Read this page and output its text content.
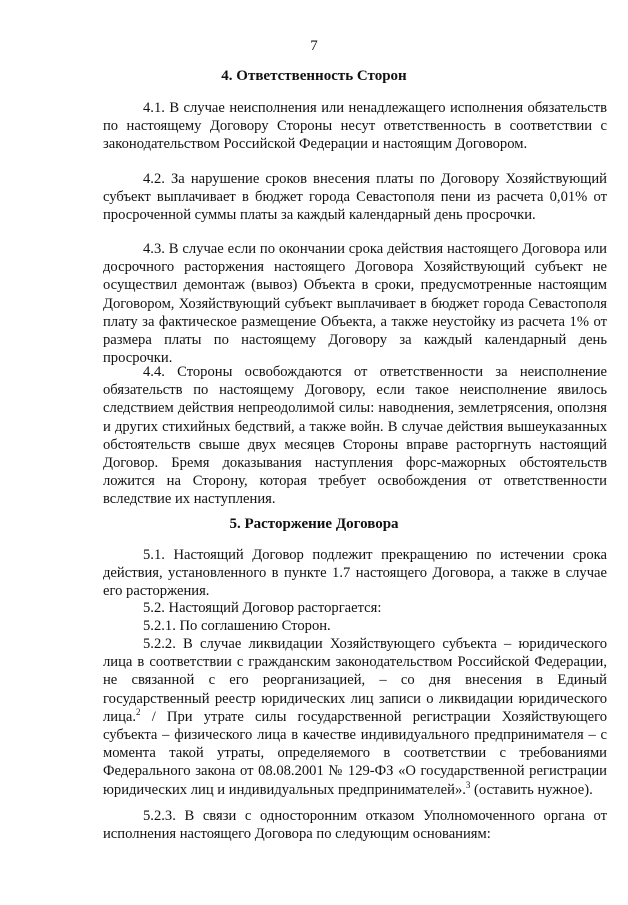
7
4. Ответственность Сторон

4.1. В случае неисполнения или ненадлежащего исполнения обязательств по настоящему Договору Стороны несут ответственность в соответствии с законодательством Российской Федерации и настоящим Договором.

4.2. За нарушение сроков внесения платы по Договору Хозяйствующий субъект выплачивает в бюджет города Севастополя пени из расчета 0,01% от просроченной суммы платы за каждый календарный день просрочки.

4.3. В случае если по окончании срока действия настоящего Договора или досрочного расторжения настоящего Договора Хозяйствующий субъект не осуществил демонтаж (вывоз) Объекта в сроки, предусмотренные настоящим Договором, Хозяйствующий субъект выплачивает в бюджет города Севастополя плату за фактическое размещение Объекта, а также неустойку из расчета 1% от размера платы по настоящему Договору за каждый календарный день просрочки.

4.4. Стороны освобождаются от ответственности за неисполнение обязательств по настоящему Договору, если такое неисполнение явилось следствием действия непреодолимой силы: наводнения, землетрясения, оползня и других стихийных бедствий, а также войн. В случае действия вышеуказанных обстоятельств свыше двух месяцев Стороны вправе расторгнуть настоящий Договор. Бремя доказывания наступления форс-мажорных обстоятельств ложится на Сторону, которая требует освобождения от ответственности вследствие их наступления.

5. Расторжение Договора

5.1. Настоящий Договор подлежит прекращению по истечении срока действия, установленного в пункте 1.7 настоящего Договора, а также в случае его расторжения.

5.2. Настоящий Договор расторгается:

5.2.1. По соглашению Сторон.

5.2.2. В случае ликвидации Хозяйствующего субъекта – юридического лица в соответствии с гражданским законодательством Российской Федерации, не связанной с его реорганизацией, – со дня внесения в Единый государственный реестр юридических лиц записи о ликвидации юридического лица.$^2$ / При утрате силы государственной регистрации Хозяйствующего субъекта – физического лица в качестве индивидуального предпринимателя – с момента такой утраты, определяемого в соответствии с требованиями Федерального закона от 08.08.2001 № 129-ФЗ «О государственной регистрации юридических лиц и индивидуальных предпринимателей».$^3$ (оставить нужное).

5.2.3. В связи с односторонним отказом Уполномоченного органа от исполнения настоящего Договора по следующим основаниям:
